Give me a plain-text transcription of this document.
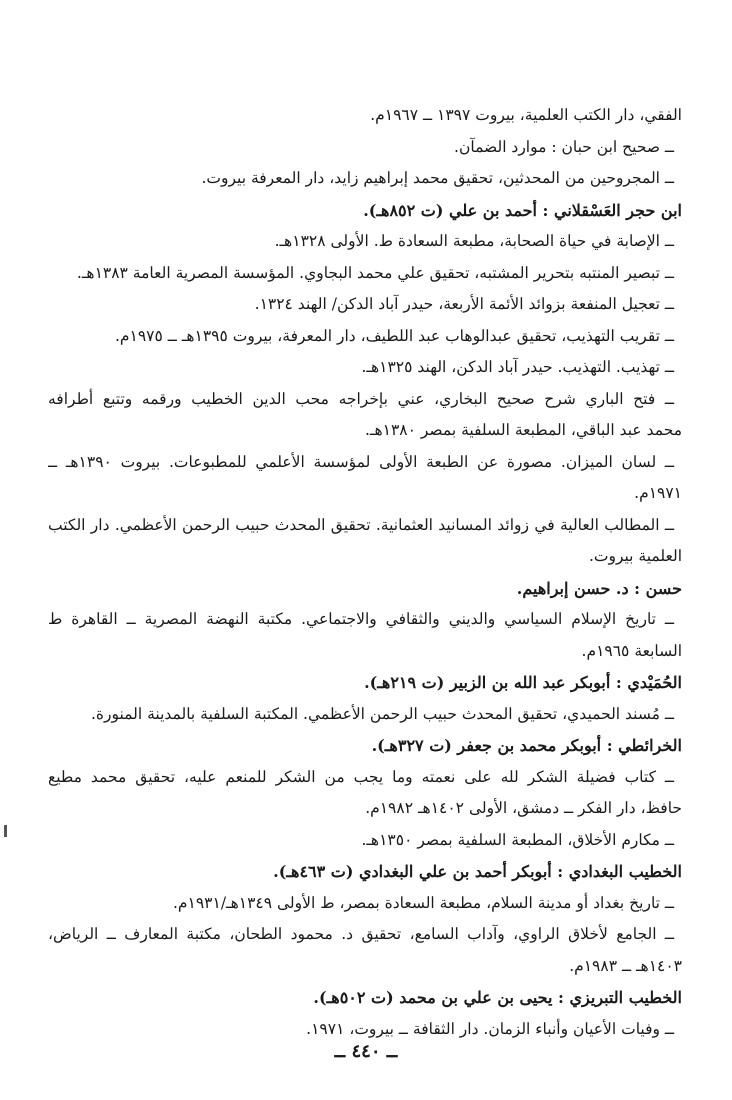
الفقي، دار الكتب العلمية، بيروت ١٣٩٧ ــ ١٩٦٧م.
ــ صحيح ابن حبان : موارد الضمآن.
ــ المجروحين من المحدثين، تحقيق محمد إبراهيم زايد، دار المعرفة بيروت.
ابن حجر العَسْقلاني : أحمد بن علي (ت ٨٥٢هـ).
ــ الإصابة في حياة الصحابة، مطبعة السعادة ط. الأولى ١٣٢٨هـ.
ــ تبصير المنتبه بتحرير المشتبه، تحقيق علي محمد البجاوي. المؤسسة المصرية العامة ١٣٨٣هـ.
ــ تعجيل المنفعة بزوائد الأئمة الأربعة، حيدر آباد الدكن/ الهند ١٣٢٤.
ــ تقريب التهذيب، تحقيق عبدالوهاب عبد اللطيف، دار المعرفة، بيروت ١٣٩٥هـ ــ ١٩٧٥م.
ــ تهذيب. التهذيب. حيدر آباد الدكن، الهند ١٣٢٥هـ.
ــ فتح الباري شرح صحيح البخاري، عني بإخراجه محب الدين الخطيب ورقمه وتتبع أطرافه
محمد عبد الباقي، المطبعة السلفية بمصر ١٣٨٠هـ.
ــ لسان الميزان. مصورة عن الطبعة الأولى لمؤسسة الأعلمي للمطبوعات. بيروت ١٣٩٠هـ ــ
١٩٧١م.
ــ المطالب العالية في زوائد المسانيد العثمانية. تحقيق المحدث حبيب الرحمن الأعظمي. دار الكتب
العلمية بيروت.
حسن : د. حسن إبراهيم.
ــ تاريخ الإسلام السياسي والديني والثقافي والاجتماعي. مكتبة النهضة المصرية ــ القاهرة ط
السابعة ١٩٦٥م.
الحُمَيْدي : أبوبكر عبد الله بن الزبير (ت ٢١٩هـ).
ــ مُسند الحميدي، تحقيق المحدث حبيب الرحمن الأعظمي. المكتبة السلفية بالمدينة المنورة.
الخرائطي : أبوبكر محمد بن جعفر (ت ٣٢٧هـ).
ــ كتاب فضيلة الشكر لله على نعمته وما يجب من الشكر للمنعم عليه، تحقيق محمد مطيع
حافظ، دار الفكر ــ دمشق، الأولى ١٤٠٢هـ ١٩٨٢م.
ــ مكارم الأخلاق، المطبعة السلفية بمصر ١٣٥٠هـ.
الخطيب البغدادي : أبوبكر أحمد بن علي البغدادي (ت ٤٦٣هـ).
ــ تاريخ بغداد أو مدينة السلام، مطبعة السعادة بمصر، ط الأولى ١٣٤٩هـ/١٩٣١م.
ــ الجامع لأخلاق الراوي، وآداب السامع، تحقيق د. محمود الطحان، مكتبة المعارف ــ الرياض،
١٤٠٣هـ ــ ١٩٨٣م.
الخطيب التبريزي : يحيى بن علي بن محمد (ت ٥٠٢هـ).
ــ وفيات الأعيان وأنباء الزمان. دار الثقافة ــ بيروت، ١٩٧١.
ــ ٤٤٠ ــ
